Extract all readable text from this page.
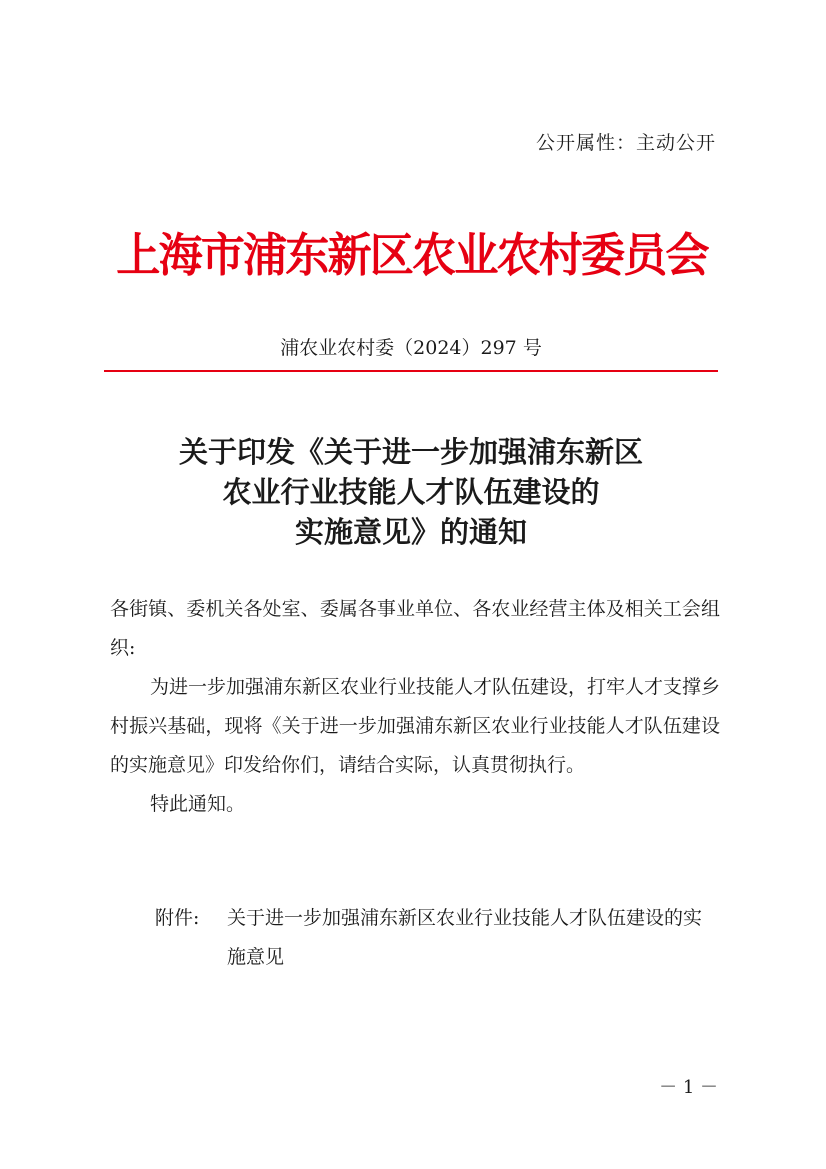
公开属性：主动公开
上海市浦东新区农业农村委员会
浦农业农村委（2024）297 号
关于印发《关于进一步加强浦东新区
农业行业技能人才队伍建设的
实施意见》的通知

各街镇、委机关各处室、委属各事业单位、各农业经营主体及相关工会组织:

为进一步加强浦东新区农业行业技能人才队伍建设，打牢人才支撑乡村振兴基础，现将《关于进一步加强浦东新区农业行业技能人才队伍建设的实施意见》印发给你们，请结合实际，认真贯彻执行。

特此通知。

附件:	关于进一步加强浦东新区农业行业技能人才队伍建设的实施意见
－ 1 －
